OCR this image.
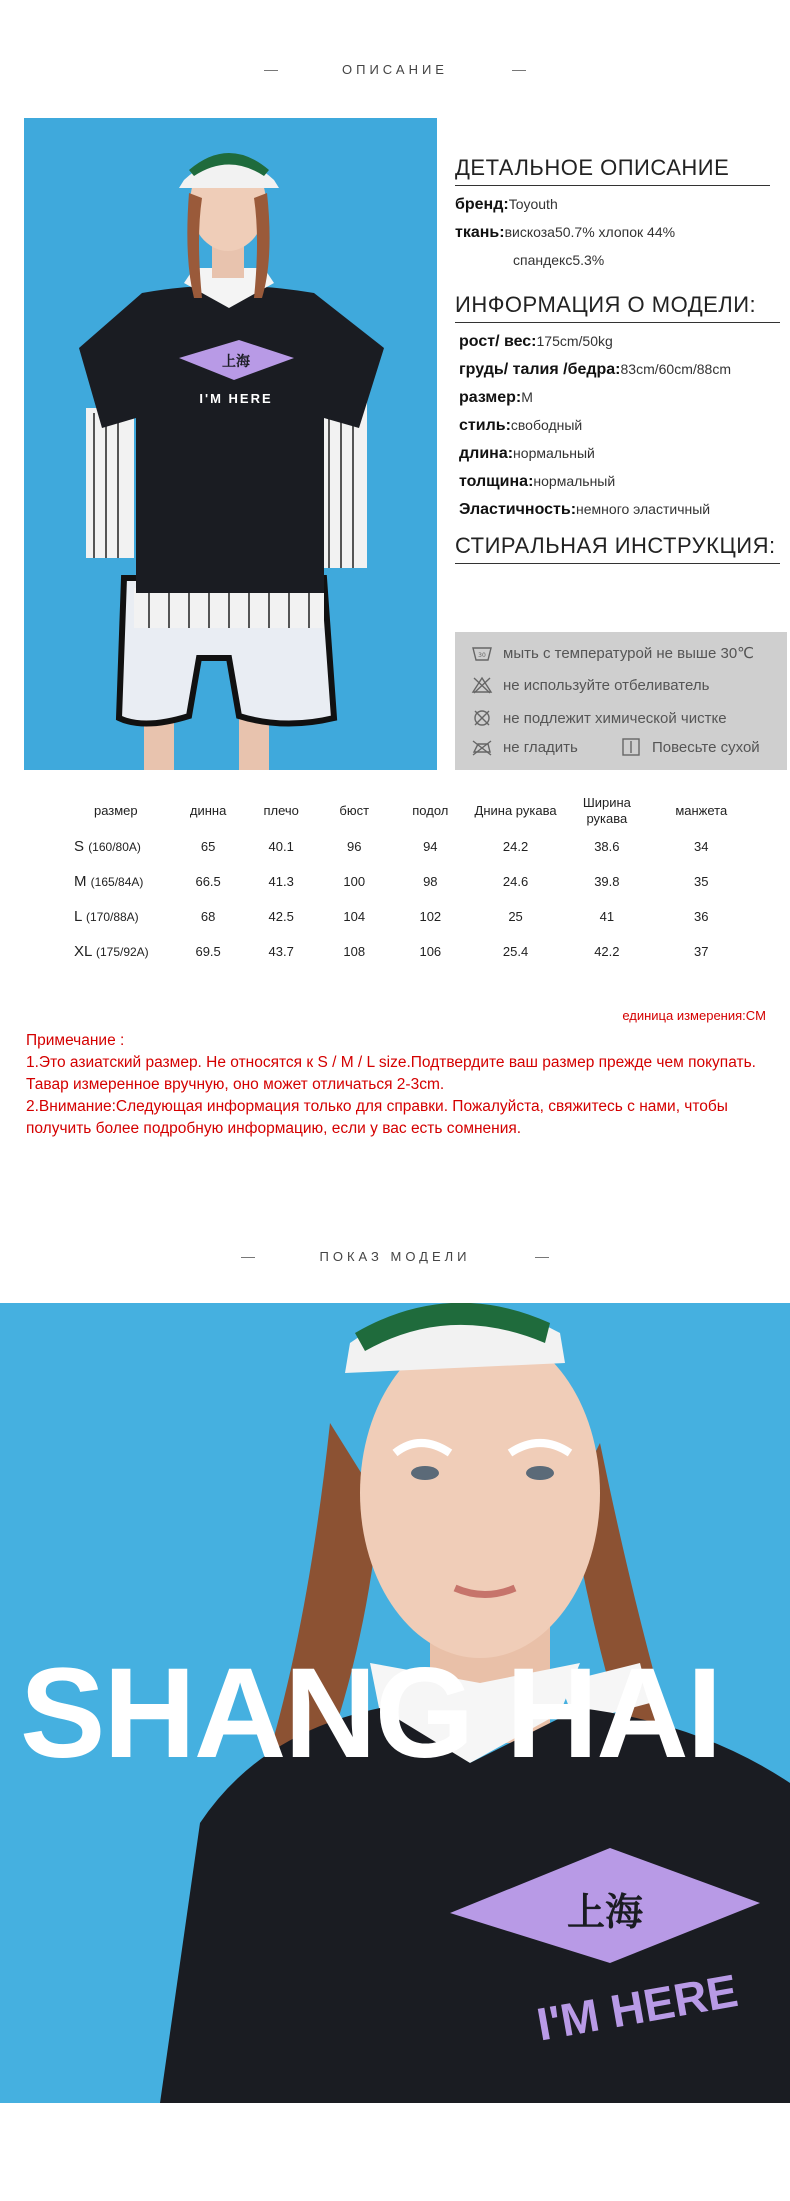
ОПИСАНИЕ
上海
I'M HERE
ДЕТАЛЬНОЕ ОПИСАНИЕ
бренд:Toyouth
ткань:вискоза50.7% хлопок 44%
спандекс5.3%
ИНФОРМАЦИЯ О МОДЕЛИ:
рост/ вес:175cm/50kg
грудь/ талия /бедра:83cm/60cm/88cm
размер:M
стиль:свободный
длина:нормальный
толщина:нормальный
Эластичность:немного эластичный
СТИРАЛЬНАЯ ИНСТРУКЦИЯ:
30 мыть с температурой не выше 30℃
не используйте отбеливатель
не подлежит химической чистке
не гладить	Повесьте сухой
размер	динна	плечо	бюст	подол	Днина рукава	Ширина рукава	манжета
S (160/80A)	65	40.1	96	94	24.2	38.6	34
M (165/84A)	66.5	41.3	100	98	24.6	39.8	35
L (170/88A)	68	42.5	104	102	25	41	36
XL (175/92A)	69.5	43.7	108	106	25.4	42.2	37
единица измерения:CM
Примечание :
1.Это азиатский размер. Не относятся к S / M / L size.Подтвердите ваш размер прежде чем покупать.
Тавар измеренное вручную, оно может отличаться 2-3cm.
2.Внимание:Следующая информация только для справки. Пожалуйста, свяжитесь с нами, чтобы
получить более подробную информацию, если у вас есть сомнения.
ПОКАЗ МОДЕЛИ
上海
I'M HERE
SHANG HAI
